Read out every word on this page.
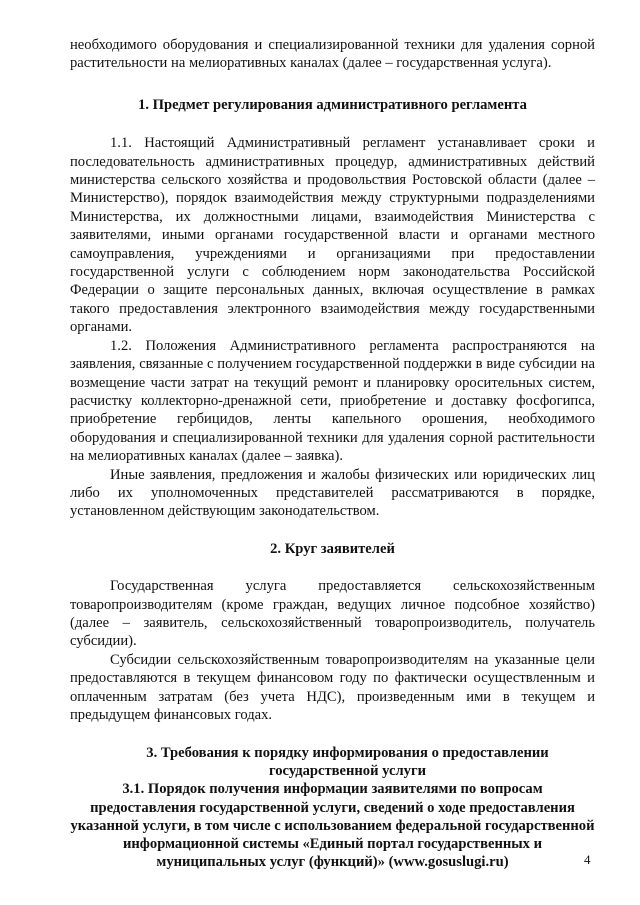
необходимого оборудования и специализированной техники для удаления сорной растительности на мелиоративных каналах (далее – государственная услуга).

1. Предмет регулирования административного регламента

1.1. Настоящий Административный регламент устанавливает сроки и последовательность административных процедур, административных действий министерства сельского хозяйства и продовольствия Ростовской области (далее – Министерство), порядок взаимодействия между структурными подразделениями Министерства, их должностными лицами, взаимодействия Министерства с заявителями, иными органами государственной власти и органами местного самоуправления, учреждениями и организациями при предоставлении государственной услуги с соблюдением норм законодательства Российской Федерации о защите персональных данных, включая осуществление в рамках такого предоставления электронного взаимодействия между государственными органами.

1.2. Положения Административного регламента распространяются на заявления, связанные с получением государственной поддержки в виде субсидии на возмещение части затрат на текущий ремонт и планировку оросительных систем, расчистку коллекторно-дренажной сети, приобретение и доставку фосфогипса, приобретение гербицидов, ленты капельного орошения, необходимого оборудования и специализированной техники для удаления сорной растительности на мелиоративных каналах (далее – заявка).

Иные заявления, предложения и жалобы физических или юридических лиц либо их уполномоченных представителей рассматриваются в порядке, установленном действующим законодательством.

2. Круг заявителей

Государственная услуга предоставляется сельскохозяйственным товаропроизводителям (кроме граждан, ведущих личное подсобное хозяйство) (далее – заявитель, сельскохозяйственный товаропроизводитель, получатель субсидии).

Субсидии сельскохозяйственным товаропроизводителям на указанные цели предоставляются в текущем финансовом году по фактически осуществленным и оплаченным затратам (без учета НДС), произведенным ими в текущем и предыдущем финансовых годах.

3. Требования к порядку информирования о предоставлении государственной услуги

3.1. Порядок получения информации заявителями по вопросам предоставления государственной услуги, сведений о ходе предоставления указанной услуги, в том числе с использованием федеральной государственной информационной системы «Единый портал государственных и муниципальных услуг (функций)» (www.gosuslugi.ru)	4
